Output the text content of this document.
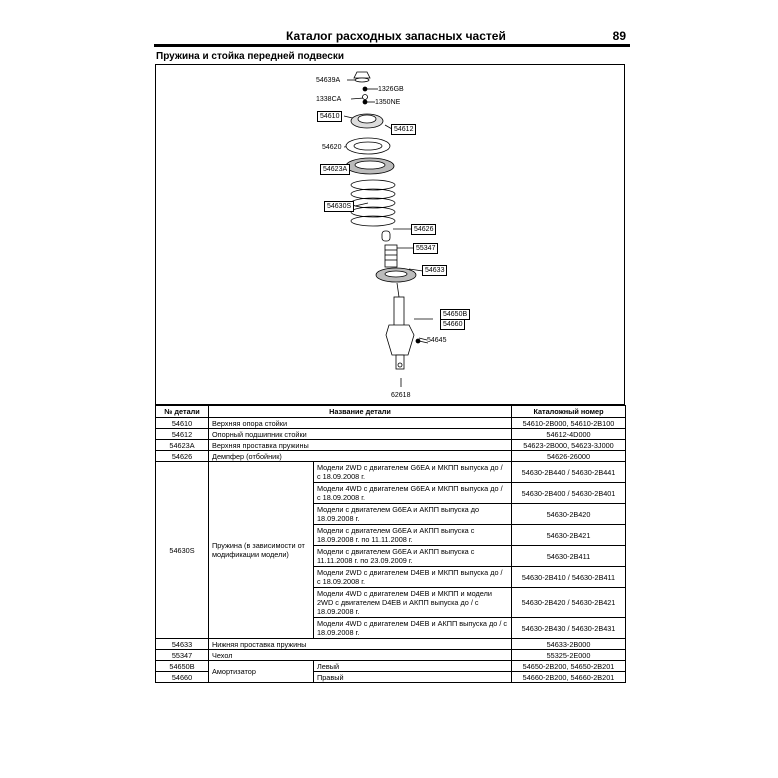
Каталог расходных запасных частей	89
Пружина и стойка передней подвески
54639A
1326GB
1338CA	1350NE
54610
54612
54620
54623A
54630S
54626
55347
54633
54650B
54660
54645
62618
№ детали	Название детали		Каталожный номер
54610	Верхняя опора стойки		54610-2B000, 54610-2B100
54612	Опорный подшипник стойки		54612-4D000
54623A	Верхняя проставка пружины		54623-2B000, 54623-3J000
54626	Демпфер (отбойник)		54626-26000
54630S	Пружина (в зависимости от модификации модели)	Модели 2WD с двигателем G6EA и МКПП выпуска до / с 18.09.2008 г.	54630-2B440 / 54630-2B441
		Модели 4WD с двигателем G6EA и МКПП выпуска до / с 18.09.2008 г.	54630-2B400 / 54630-2B401
		Модели с двигателем G6EA и АКПП выпуска до 18.09.2008 г.	54630-2B420
		Модели с двигателем G6EA и АКПП выпуска с 18.09.2008 г. по 11.11.2008 г.	54630-2B421
		Модели с двигателем G6EA и АКПП выпуска с 11.11.2008 г. по 23.09.2009 г.	54630-2B411
		Модели 2WD с двигателем D4EB и МКПП выпуска до / с 18.09.2008 г.	54630-2B410 / 54630-2B411
		Модели 4WD с двигателем D4EB и МКПП и модели 2WD с двигателем D4EB и АКПП выпуска до / с 18.09.2008 г.	54630-2B420 / 54630-2B421
		Модели 4WD с двигателем D4EB и АКПП выпуска до / с 18.09.2008 г.	54630-2B430 / 54630-2B431
54633	Нижняя проставка пружины		54633-2B000
55347	Чехол		55325-2E000
54650B	Амортизатор	Левый	54650-2B200, 54650-2B201
54660		Правый	54660-2B200, 54660-2B201
